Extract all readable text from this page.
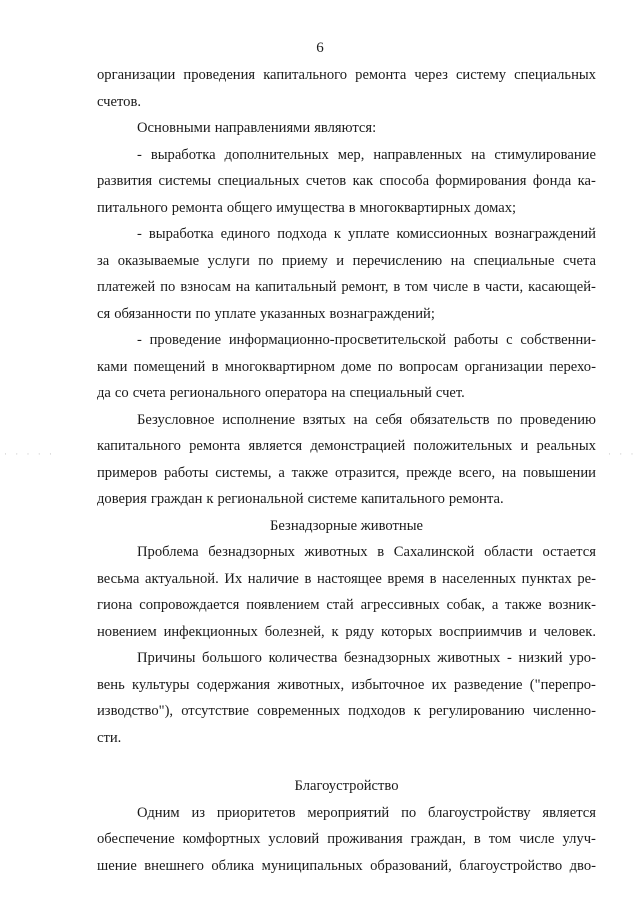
6
· · · · ·	· · ·
организации проведения капитального ремонта через систему специальных
счетов.
Основными направлениями являются:
- выработка дополнительных мер, направленных на стимулирование
развития системы специальных счетов как способа формирования фонда ка-
питального ремонта общего имущества в многоквартирных домах;
- выработка единого подхода к уплате комиссионных вознаграждений
за оказываемые услуги по приему и перечислению на специальные счета
платежей по взносам на капитальный ремонт, в том числе в части, касающей-
ся обязанности по уплате указанных вознаграждений;
- проведение информационно-просветительской работы с собственни-
ками помещений в многоквартирном доме по вопросам организации перехо-
да со счета регионального оператора на специальный счет.
Безусловное исполнение взятых на себя обязательств по проведению
капитального ремонта является демонстрацией положительных и реальных
примеров работы системы, а также отразится, прежде всего, на повышении
доверия граждан к региональной системе капитального ремонта.
Безнадзорные животные
Проблема безнадзорных животных в Сахалинской области остается
весьма актуальной. Их наличие в настоящее время в населенных пунктах ре-
гиона сопровождается появлением стай агрессивных собак, а также возник-
новением инфекционных болезней, к ряду которых восприимчив и человек.
Причины большого количества безнадзорных животных - низкий уро-
вень культуры содержания животных, избыточное их разведение ("перепро-
изводство"), отсутствие современных подходов к регулированию численно-
сти.
Благоустройство
Одним из приоритетов мероприятий по благоустройству является
обеспечение комфортных условий проживания граждан, в том числе улуч-
шение внешнего облика муниципальных образований, благоустройство дво-
